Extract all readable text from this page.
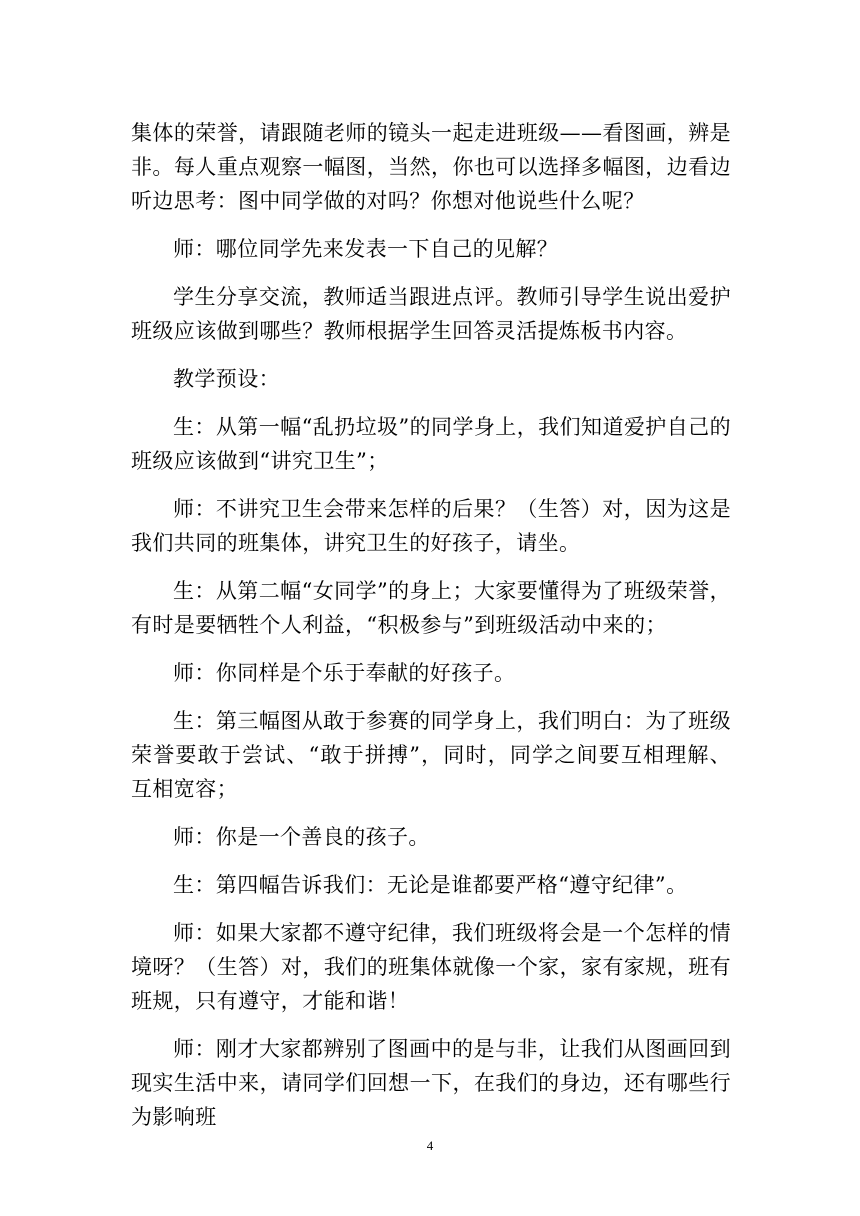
集体的荣誉，请跟随老师的镜头一起走进班级——看图画，辨是非。每人重点观察一幅图，当然，你也可以选择多幅图，边看边听边思考：图中同学做的对吗？你想对他说些什么呢？

师：哪位同学先来发表一下自己的见解？

学生分享交流，教师适当跟进点评。教师引导学生说出爱护班级应该做到哪些？教师根据学生回答灵活提炼板书内容。

教学预设：

生：从第一幅“乱扔垃圾”的同学身上，我们知道爱护自己的班级应该做到“讲究卫生”；

师：不讲究卫生会带来怎样的后果？（生答）对，因为这是我们共同的班集体，讲究卫生的好孩子，请坐。

生：从第二幅“女同学”的身上；大家要懂得为了班级荣誉，有时是要牺牲个人利益，“积极参与”到班级活动中来的；

师：你同样是个乐于奉献的好孩子。

生：第三幅图从敢于参赛的同学身上，我们明白：为了班级荣誉要敢于尝试、“敢于拼搏”，同时，同学之间要互相理解、互相宽容；

师：你是一个善良的孩子。

生：第四幅告诉我们：无论是谁都要严格“遵守纪律”。

师：如果大家都不遵守纪律，我们班级将会是一个怎样的情境呀？（生答）对，我们的班集体就像一个家，家有家规，班有班规，只有遵守，才能和谐！

师：刚才大家都辨别了图画中的是与非，让我们从图画回到现实生活中来，请同学们回想一下，在我们的身边，还有哪些行为影响班

4
